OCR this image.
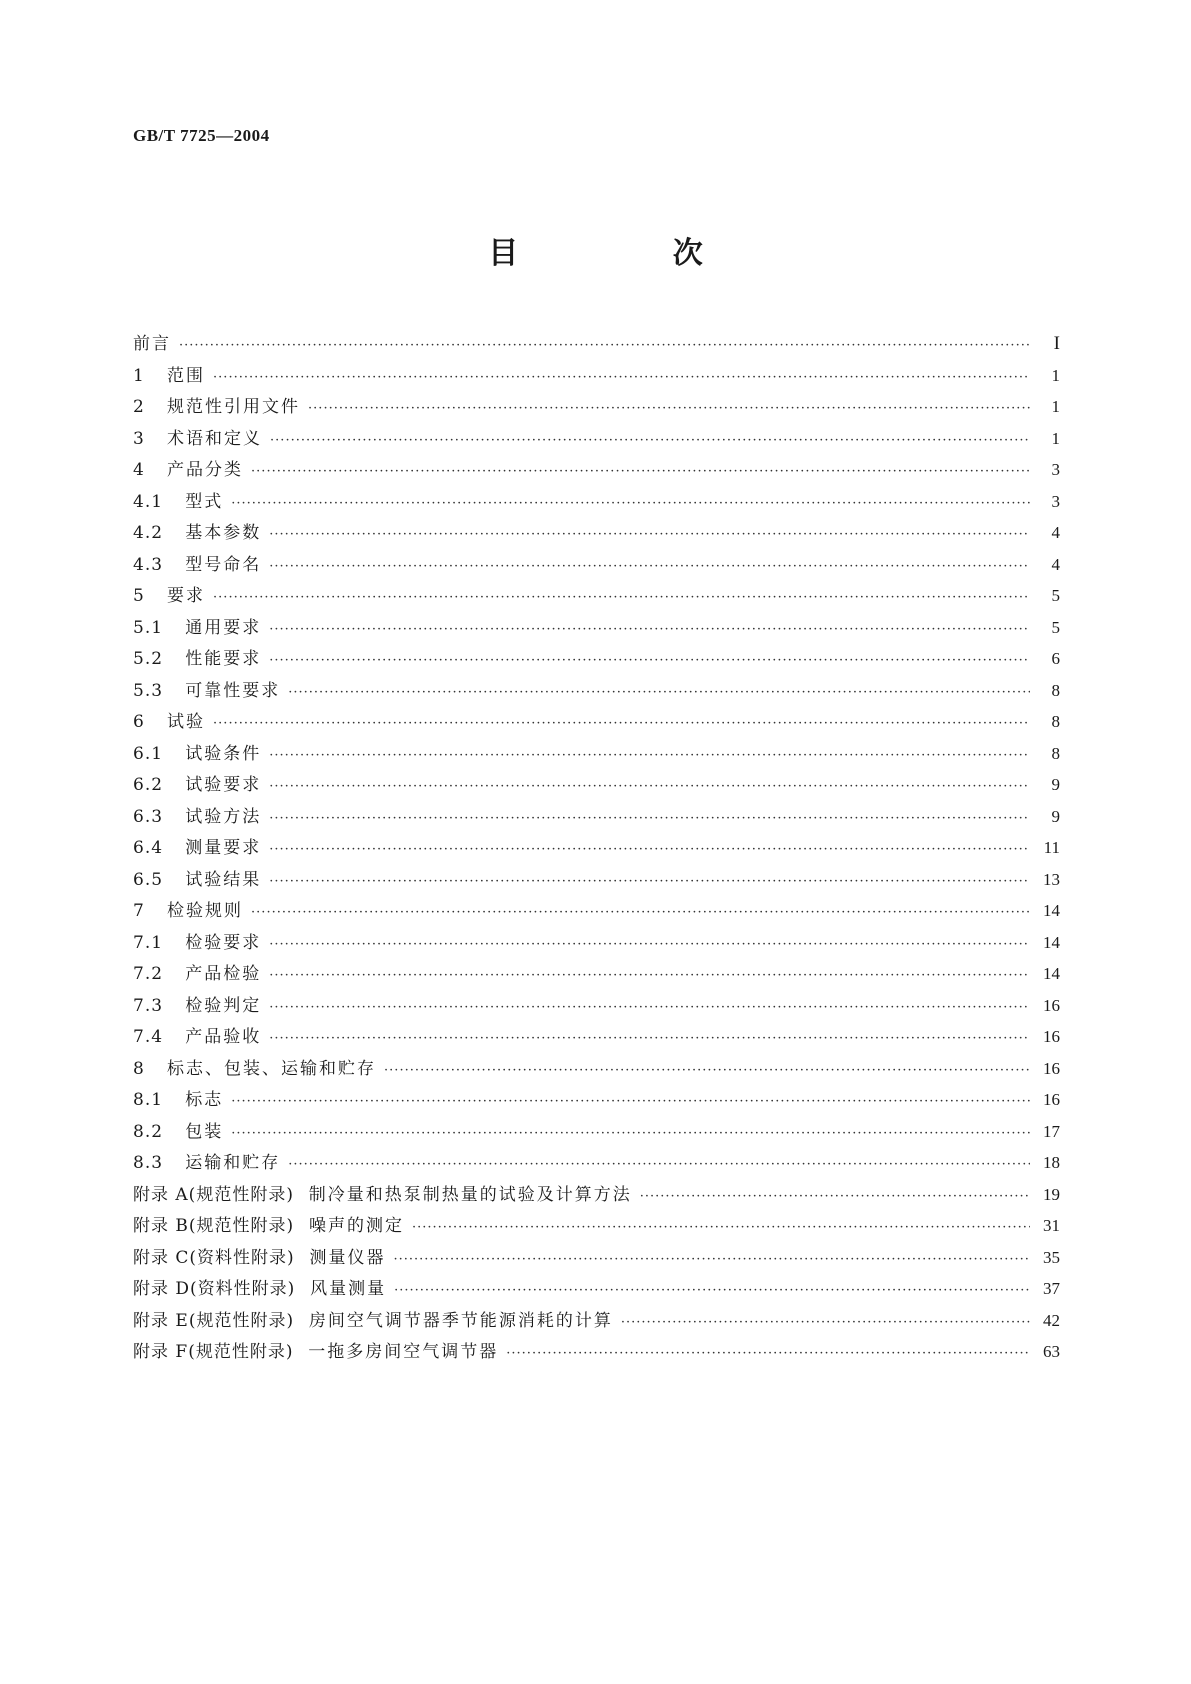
GB/T 7725—2004
目 次
前言 ·····	I
1 范围 ·····	1
2 规范性引用文件 ·····	1
3 术语和定义 ·····	1
4 产品分类 ·····	3
4.1 型式 ·····	3
4.2 基本参数 ·····	4
4.3 型号命名 ·····	4
5 要求 ·····	5
5.1 通用要求 ·····	5
5.2 性能要求 ·····	6
5.3 可靠性要求 ·····	8
6 试验 ·····	8
6.1 试验条件 ·····	8
6.2 试验要求 ·····	9
6.3 试验方法 ·····	9
6.4 测量要求 ·····	11
6.5 试验结果 ·····	13
7 检验规则 ·····	14
7.1 检验要求 ·····	14
7.2 产品检验 ·····	14
7.3 检验判定 ·····	16
7.4 产品验收 ·····	16
8 标志、包装、运输和贮存 ·····	16
8.1 标志 ·····	16
8.2 包装 ·····	17
8.3 运输和贮存 ·····	18
附录 A(规范性附录) 制冷量和热泵制热量的试验及计算方法 ·····	19
附录 B(规范性附录) 噪声的测定 ·····	31
附录 C(资料性附录) 测量仪器 ·····	35
附录 D(资料性附录) 风量测量 ·····	37
附录 E(规范性附录) 房间空气调节器季节能源消耗的计算 ·····	42
附录 F(规范性附录) 一拖多房间空气调节器 ·····	63
